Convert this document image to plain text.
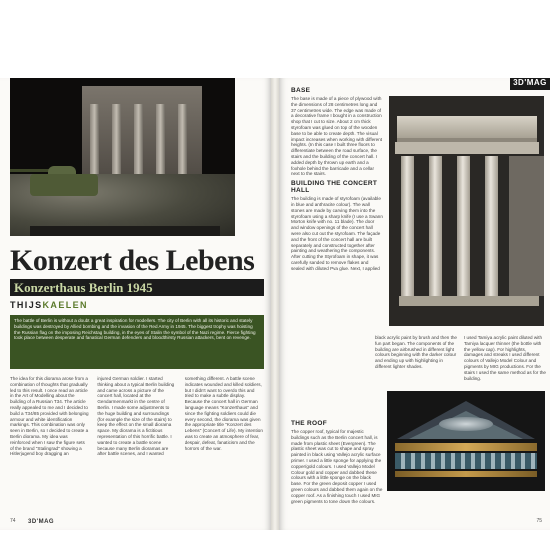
Konzert des Lebens
Konzerthaus Berlin 1945
THIJSKAELEN
The battle of Berlin is without a doubt a great inspiration for modellers. The city of Berlin with all its historic and stately buildings was destroyed by Allied bombing and the invasion of the Red Army in 1945. The biggest trophy was hoisting the Russian flag on the imposing Reichstag building, in the eyes of Stalin the symbol of the Nazi regime. Fierce fighting took place between desperate and fanatical German defenders and bloodthirsty Russian attackers, bent on revenge.
The idea for this diorama arose from a combination of thoughts that gradually led to this result. I once read an article in the Art of Modelling about the building of a Russian T34. The article really appealed to me and I decided to build a T34/85 provided with belonging armour and white identification markings. This combination was only seen in Berlin, so I decided to create a Berlin diorama. My idea was reinforced when I saw the figure sets of the brand "Stalingrad" showing a Hitlerjugend boy dragging an
injured German soldier. I started thinking about a typical Berlin building and came across a picture of the concert hall, located at the Gendarmenmarkt in the centre of Berlin. I made some adjustments to the huge building and surroundings (for example the size of the stairs) to keep the effect on the small diorama space. My diorama is a fictitious representation of this horrific battle. I wanted to create a battle scene because many Berlin dioramas are after battle scenes, and I wanted
something different. A battle scene indicates wounded and killed soldiers, but I didn't want to overdo this and tried to make a subtle display. Because the concert hall in German language means "Konzerthaus" and since the fighting soldiers could die every second, the diorama was given the appropriate title "Konzert des Lebens" (Concert of Life). My intention was to create an atmosphere of fear, despair, defeat, fanaticism and the horrors of the war.
74 3D'MAG
3D'MAG
BASE
The base is made of a piece of plywood with the dimensions of 28 centimetres long and 37 centimetres wide. The edge was made of a decorative frame I bought in a construction shop that I cut to size. About 2 cm thick styrofoam was glued on top of the wooden base to be able to create depth. The visual impact increases when working with different heights. (In this case I built three floors to differentiate between the road surface, the stairs and the building of the concert hall. I added depth by thrown up earth and a foxhole behind the barricade and a cellar next to the stairs.
BUILDING THE CONCERT HALL
The building is made of styrofoam (available in blue and anthracite colour). The wall stones are made by carving them into the styrofoam using a sharp knife (I use a Swann Morton knife with no. 11 blade). The door and window openings of the concert hall were also cut out the styrofoam. The façade and the front of the concert hall are built separately and constructed together after painting and weathering the components. After cutting the Styrofoam in shape, it was carefully sanded to remove flakes and sealed with diluted Pva glue. Next, I applied
black acrylic paint by brush and then the fun part began. The components of the building are airbrushed in different light colours beginning with the darker colour and ending up with highlighting in different lighter shades.
I used Tamiya acrylic paint diluted with Tamiya lacquer thinner (the bottle with the yellow cap). For highlights, damages and streaks I used different colours of Vallejo Model Colour and pigments by MIG productions. For the stairs I used the same method as for the building.
THE ROOF
The copper roof, typical for majestic buildings such as the Berlin concert hall, is made from plastic sheet (Evergreen). The plastic sheet was cut to shape and spray painted in black using Vallejo acrylic surface primer. I used a little sponge for applying the copper/gold colours. I used Vallejo Model Colour gold and copper and dabbed these colours with a little sponge on the black base. For the green deposit copper I used green colours and dabbed them again on the copper roof. As a finishing touch I used MIG green pigments to tone down the colours.
75
